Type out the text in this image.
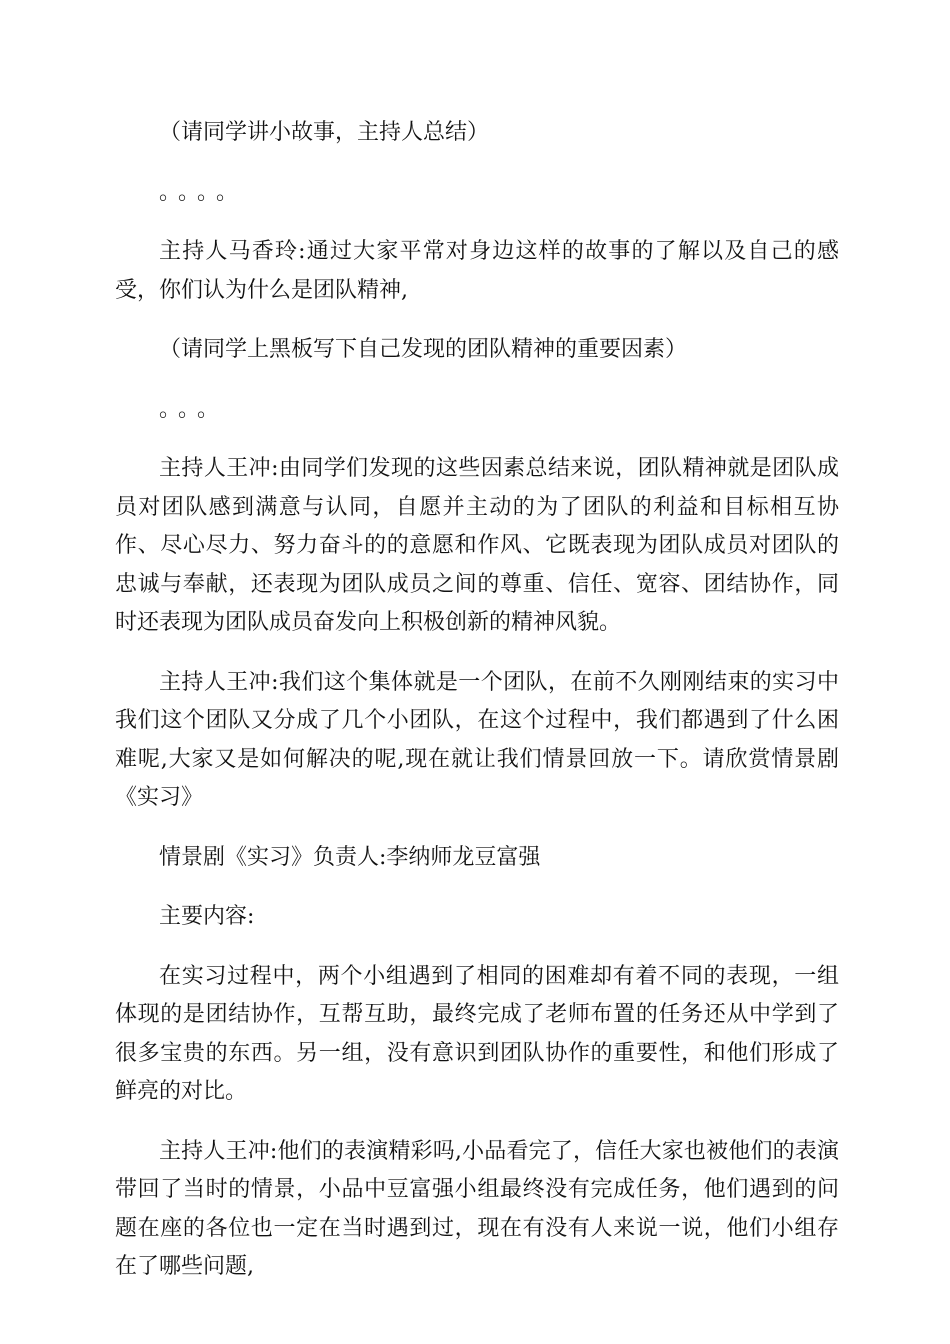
（请同学讲小故事，主持人总结）

。。。。

主持人马香玲:通过大家平常对身边这样的故事的了解以及自己的感受，你们认为什么是团队精神,

（请同学上黑板写下自己发现的团队精神的重要因素）

。。。

主持人王冲:由同学们发现的这些因素总结来说，团队精神就是团队成员对团队感到满意与认同，自愿并主动的为了团队的利益和目标相互协作、尽心尽力、努力奋斗的的意愿和作风、它既表现为团队成员对团队的忠诚与奉献，还表现为团队成员之间的尊重、信任、宽容、团结协作，同时还表现为团队成员奋发向上积极创新的精神风貌。

主持人王冲:我们这个集体就是一个团队，在前不久刚刚结束的实习中我们这个团队又分成了几个小团队，在这个过程中，我们都遇到了什么困难呢,大家又是如何解决的呢,现在就让我们情景回放一下。请欣赏情景剧《实习》

情景剧《实习》负责人:李纳师龙豆富强

主要内容:

在实习过程中，两个小组遇到了相同的困难却有着不同的表现，一组体现的是团结协作，互帮互助，最终完成了老师布置的任务还从中学到了很多宝贵的东西。另一组，没有意识到团队协作的重要性，和他们形成了鲜亮的对比。

主持人王冲:他们的表演精彩吗,小品看完了，信任大家也被他们的表演带回了当时的情景，小品中豆富强小组最终没有完成任务，他们遇到的问题在座的各位也一定在当时遇到过，现在有没有人来说一说，他们小组存在了哪些问题,
